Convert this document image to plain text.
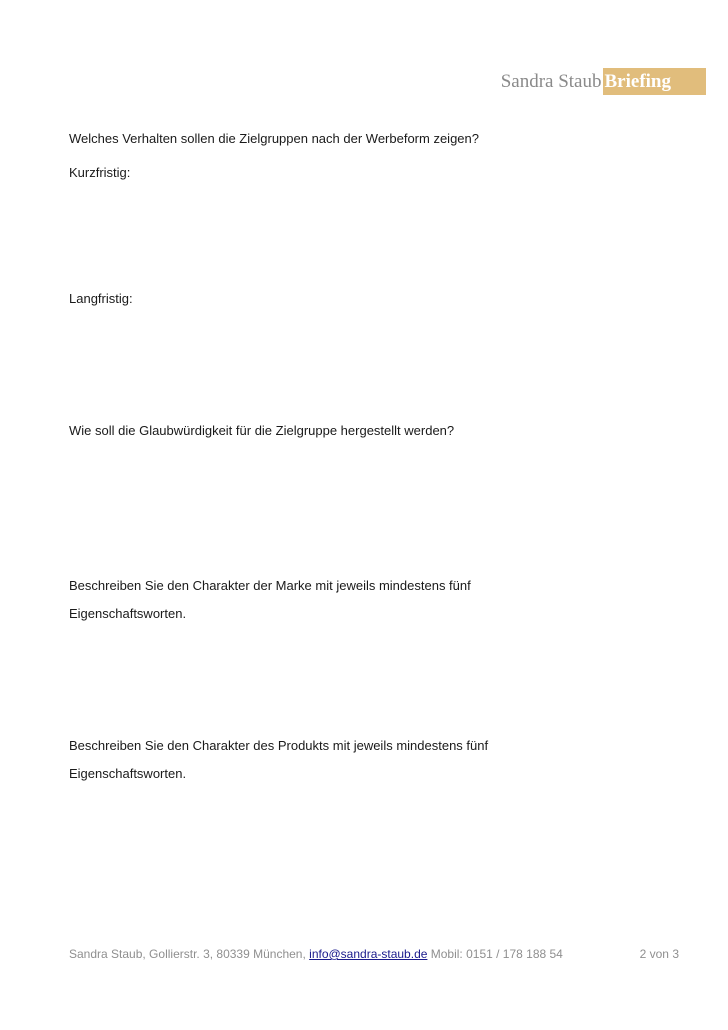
Sandra Staub Briefing

Welches Verhalten sollen die Zielgruppen nach der Werbeform zeigen?

Kurzfristig:

Langfristig:

Wie soll die Glaubwürdigkeit für die Zielgruppe hergestellt werden?

Beschreiben Sie den Charakter der Marke mit jeweils mindestens fünf

Eigenschaftsworten.

Beschreiben Sie den Charakter des Produkts mit jeweils mindestens fünf

Eigenschaftsworten.

Sandra Staub, Gollierstr. 3, 80339 München, info@sandra-staub.de Mobil: 0151 / 178 188 54	2 von 3
